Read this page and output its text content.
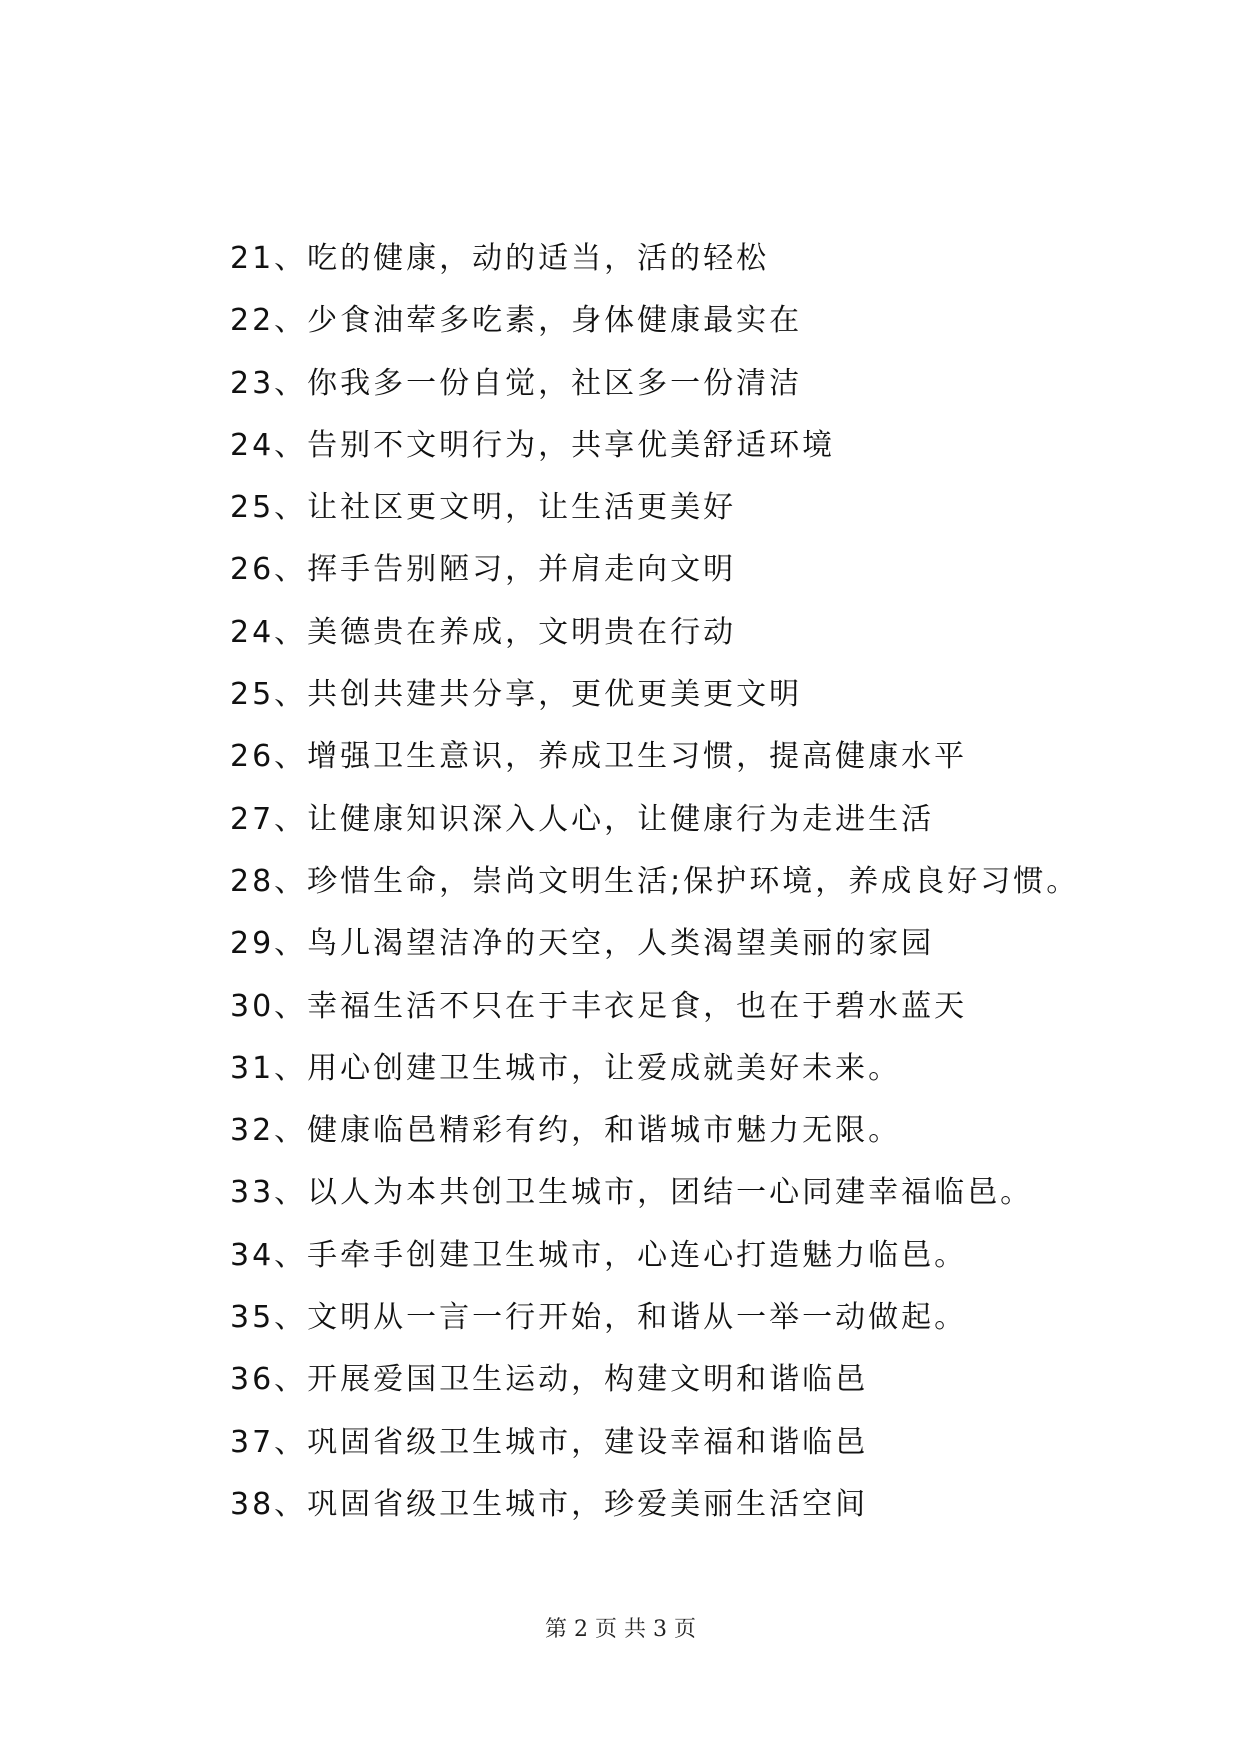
21、吃的健康，动的适当，活的轻松
22、少食油荤多吃素，身体健康最实在
23、你我多一份自觉，社区多一份清洁
24、告别不文明行为，共享优美舒适环境
25、让社区更文明，让生活更美好
26、挥手告别陋习，并肩走向文明
24、美德贵在养成，文明贵在行动
25、共创共建共分享，更优更美更文明
26、增强卫生意识，养成卫生习惯，提高健康水平
27、让健康知识深入人心，让健康行为走进生活
28、珍惜生命，崇尚文明生活;保护环境，养成良好习惯。
29、鸟儿渴望洁净的天空，人类渴望美丽的家园
30、幸福生活不只在于丰衣足食，也在于碧水蓝天
31、用心创建卫生城市，让爱成就美好未来。
32、健康临邑精彩有约，和谐城市魅力无限。
33、以人为本共创卫生城市，团结一心同建幸福临邑。
34、手牵手创建卫生城市，心连心打造魅力临邑。
35、文明从一言一行开始，和谐从一举一动做起。
36、开展爱国卫生运动，构建文明和谐临邑
37、巩固省级卫生城市，建设幸福和谐临邑
38、巩固省级卫生城市，珍爱美丽生活空间
第 2 页 共 3 页
